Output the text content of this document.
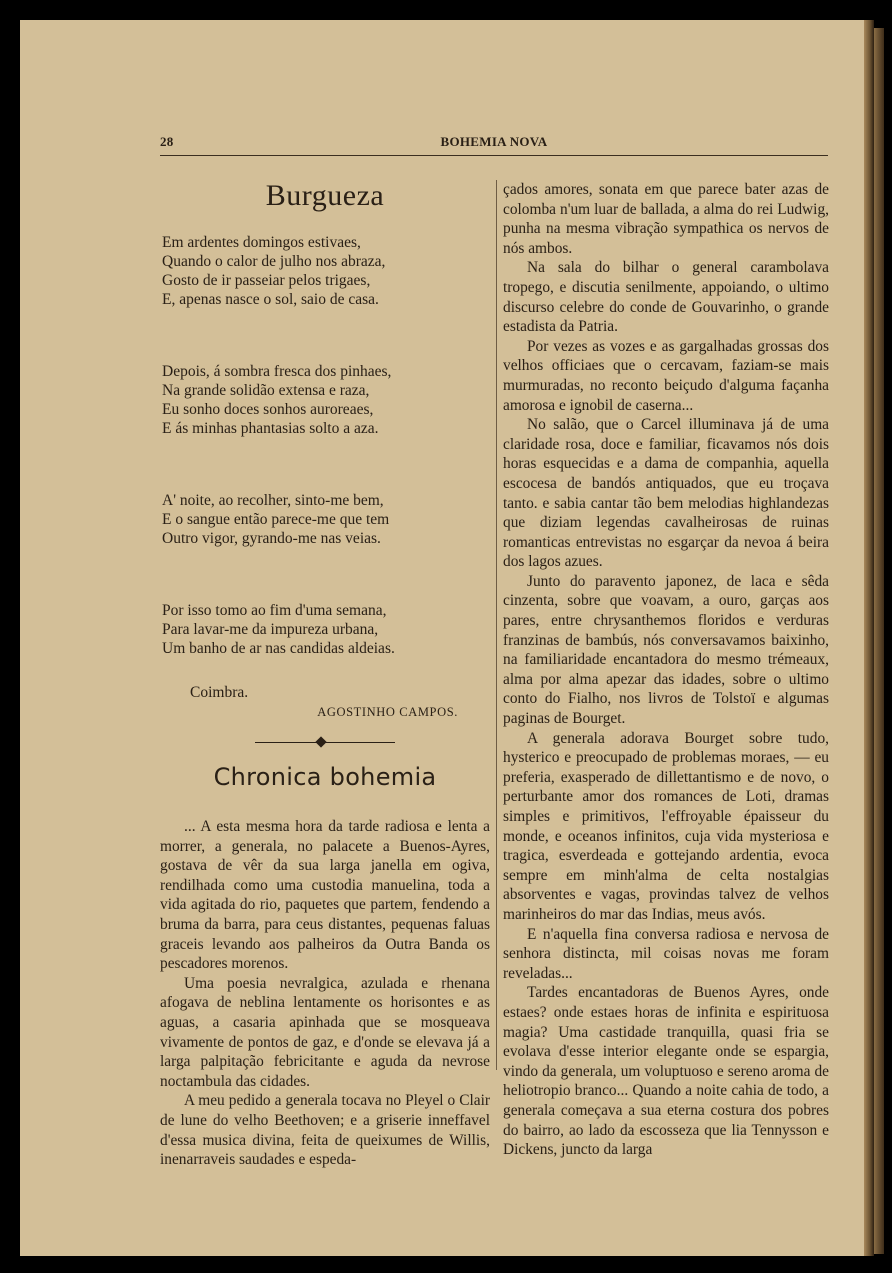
28	BOHEMIA NOVA
Burgueza
Em ardentes domingos estivaes,
Quando o calor de julho nos abraza,
Gosto de ir passeiar pelos trigaes,
E, apenas nasce o sol, saio de casa.
Depois, á sombra fresca dos pinhaes,
Na grande solidão extensa e raza,
Eu sonho doces sonhos auroreaes,
E ás minhas phantasias solto a aza.
A' noite, ao recolher, sinto-me bem,
E o sangue então parece-me que tem
Outro vigor, gyrando-me nas veias.
Por isso tomo ao fim d'uma semana,
Para lavar-me da impureza urbana,
Um banho de ar nas candidas aldeias.
Coimbra.
AGOSTINHO CAMPOS.
Chronica bohemia

... A esta mesma hora da tarde radiosa e lenta a morrer, a generala, no palacete a Buenos-Ayres, gostava de vêr da sua larga janella em ogiva, rendilhada como uma custodia manuelina, toda a vida agitada do rio, paquetes que partem, fendendo a bruma da barra, para ceus distantes, pequenas faluas graceis levando aos palheiros da Outra Banda os pescadores morenos.

Uma poesia nevralgica, azulada e rhenana afogava de neblina lentamente os horisontes e as aguas, a casaria apinhada que se mosqueava vivamente de pontos de gaz, e d'onde se elevava já a larga palpitação febricitante e aguda da nevrose noctambula das cidades.

A meu pedido a generala tocava no Pleyel o Clair de lune do velho Beethoven; e a griserie inneffavel d'essa musica divina, feita de queixumes de Willis, inenarraveis saudades e espeda-

çados amores, sonata em que parece bater azas de colomba n'um luar de ballada, a alma do rei Ludwig, punha na mesma vibração sympathica os nervos de nós ambos.

Na sala do bilhar o general carambolava tropego, e discutia senilmente, appoiando, o ultimo discurso celebre do conde de Gouvarinho, o grande estadista da Patria.

Por vezes as vozes e as gargalhadas grossas dos velhos officiaes que o cercavam, faziam-se mais murmuradas, no reconto beiçudo d'alguma façanha amorosa e ignobil de caserna...

No salão, que o Carcel illuminava já de uma claridade rosa, doce e familiar, ficavamos nós dois horas esquecidas e a dama de companhia, aquella escocesa de bandós antiquados, que eu troçava tanto. e sabia cantar tão bem melodias highlandezas que diziam legendas cavalheirosas de ruinas romanticas entrevistas no esgarçar da nevoa á beira dos lagos azues.

Junto do paravento japonez, de laca e sêda cinzenta, sobre que voavam, a ouro, garças aos pares, entre chrysanthemos floridos e verduras franzinas de bambús, nós conversavamos baixinho, na familiaridade encantadora do mesmo trémeaux, alma por alma apezar das idades, sobre o ultimo conto do Fialho, nos livros de Tolstoï e algumas paginas de Bourget.

A generala adorava Bourget sobre tudo, hysterico e preocupado de problemas moraes, — eu preferia, exasperado de dillettantismo e de novo, o perturbante amor dos romances de Loti, dramas simples e primitivos, l'effroyable épaisseur du monde, e oceanos infinitos, cuja vida mysteriosa e tragica, esverdeada e gottejando ardentia, evoca sempre em minh'alma de celta nostalgias absorventes e vagas, provindas talvez de velhos marinheiros do mar das Indias, meus avós.

E n'aquella fina conversa radiosa e nervosa de senhora distincta, mil coisas novas me foram reveladas...

Tardes encantadoras de Buenos Ayres, onde estaes? onde estaes horas de infinita e espirituosa magia? Uma castidade tranquilla, quasi fria se evolava d'esse interior elegante onde se espargia, vindo da generala, um voluptuoso e sereno aroma de heliotropio branco... Quando a noite cahia de todo, a generala começava a sua eterna costura dos pobres do bairro, ao lado da escosseza que lia Tennysson e Dickens, juncto da larga
